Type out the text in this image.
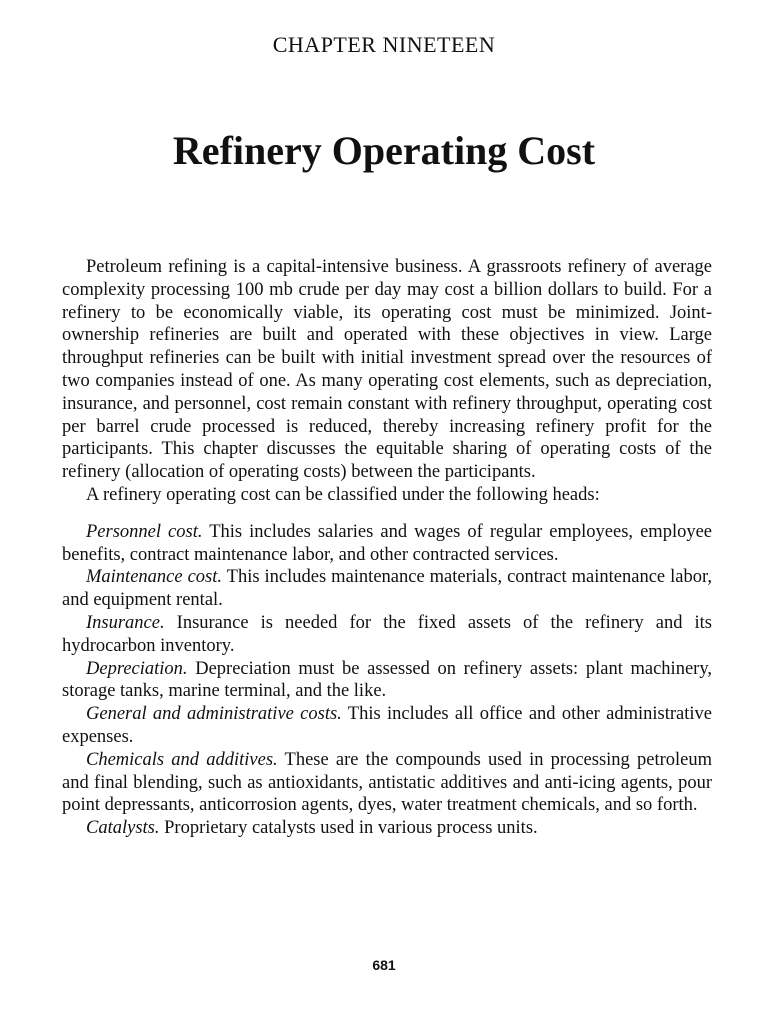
CHAPTER NINETEEN
Refinery Operating Cost

Petroleum refining is a capital-intensive business. A grassroots refinery of average complexity processing 100 mb crude per day may cost a billion dollars to build. For a refinery to be economically viable, its operating cost must be minimized. Joint-ownership refineries are built and operated with these objectives in view. Large throughput refineries can be built with initial investment spread over the resources of two companies instead of one. As many operating cost elements, such as depreciation, insurance, and personnel, cost remain constant with refinery throughput, operating cost per barrel crude processed is reduced, thereby increasing refinery profit for the participants. This chapter discusses the equitable sharing of operating costs of the refinery (allocation of operating costs) between the participants.

A refinery operating cost can be classified under the following heads:

Personnel cost. This includes salaries and wages of regular employees, employee benefits, contract maintenance labor, and other contracted services.

Maintenance cost. This includes maintenance materials, contract maintenance labor, and equipment rental.

Insurance. Insurance is needed for the fixed assets of the refinery and its hydrocarbon inventory.

Depreciation. Depreciation must be assessed on refinery assets: plant machinery, storage tanks, marine terminal, and the like.

General and administrative costs. This includes all office and other administrative expenses.

Chemicals and additives. These are the compounds used in processing petroleum and final blending, such as antioxidants, antistatic additives and anti-icing agents, pour point depressants, anticorrosion agents, dyes, water treatment chemicals, and so forth.

Catalysts. Proprietary catalysts used in various process units.

681
